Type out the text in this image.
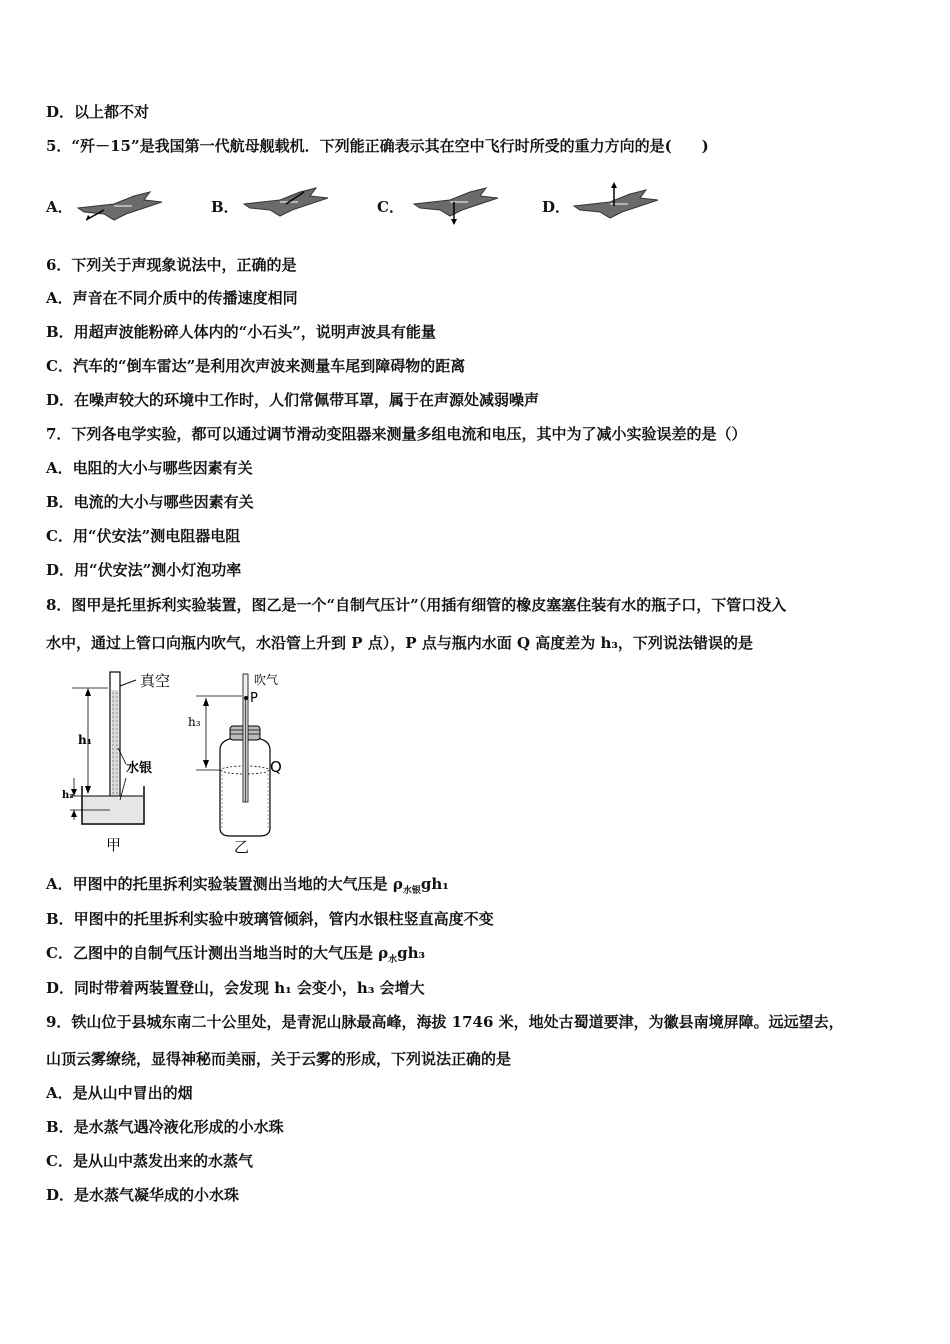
D．以上都不对
5．“歼－15”是我国第一代航母舰载机．下列能正确表示其在空中飞行时所受的重力方向的是(　　)
A．	B．	C．	D．
6．下列关于声现象说法中，正确的是
A．声音在不同介质中的传播速度相同
B．用超声波能粉碎人体内的“小石头”，说明声波具有能量
C．汽车的“倒车雷达”是利用次声波来测量车尾到障碍物的距离
D．在噪声较大的环境中工作时，人们常佩带耳罩，属于在声源处减弱噪声
7．下列各电学实验，都可以通过调节滑动变阻器来测量多组电流和电压，其中为了减小实验误差的是（）
A．电阻的大小与哪些因素有关
B．电流的大小与哪些因素有关
C．用“伏安法”测电阻器电阻
D．用“伏安法”测小灯泡功率
8．图甲是托里拆利实验装置，图乙是一个“自制气压计”（用插有细管的橡皮塞塞住装有水的瓶子口，下管口没入
水中，通过上管口向瓶内吹气，水沿管上升到 P 点），P 点与瓶内水面 Q 高度差为 h₃，下列说法错误的是
真空
h₁
h₂
水银
甲
吹气
P
h₃
Q
乙
A．甲图中的托里拆利实验装置测出当地的大气压是 $\rho_{水银}gh_1$
B．甲图中的托里拆利实验中玻璃管倾斜，管内水银柱竖直高度不变
C．乙图中的自制气压计测出当地当时的大气压是 $\rho_水gh_3$
D．同时带着两装置登山，会发现 h₁ 会变小，h₃ 会增大
9．铁山位于县城东南二十公里处，是青泥山脉最高峰，海拔 1746 米，地处古蜀道要津，为徽县南境屏障。远远望去，
山顶云雾缭绕，显得神秘而美丽，关于云雾的形成，下列说法正确的是
A．是从山中冒出的烟
B．是水蒸气遇冷液化形成的小水珠
C．是从山中蒸发出来的水蒸气
D．是水蒸气凝华成的小水珠
